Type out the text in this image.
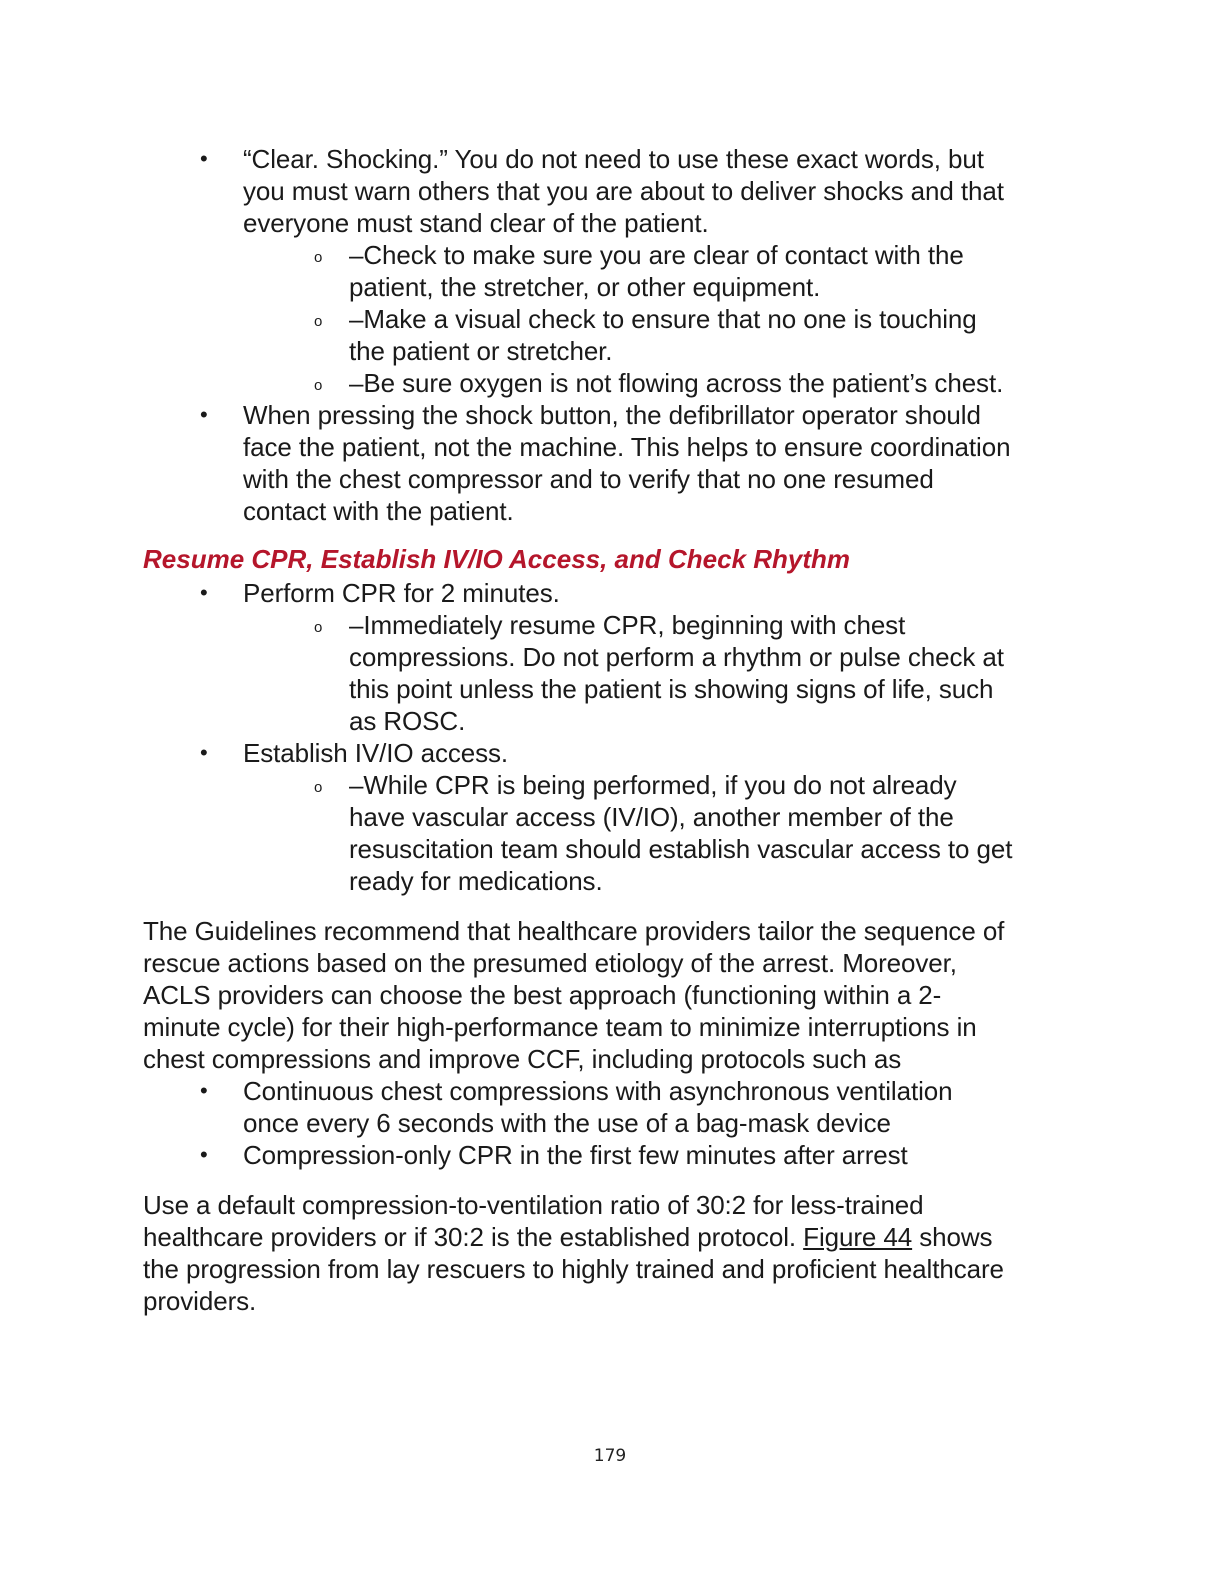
• “Clear. Shocking.” You do not need to use these exact words, but
you must warn others that you are about to deliver shocks and that
everyone must stand clear of the patient.
o –Check to make sure you are clear of contact with the
patient, the stretcher, or other equipment.
o –Make a visual check to ensure that no one is touching
the patient or stretcher.
o –Be sure oxygen is not flowing across the patient’s chest.
• When pressing the shock button, the defibrillator operator should
face the patient, not the machine. This helps to ensure coordination
with the chest compressor and to verify that no one resumed
contact with the patient.
Resume CPR, Establish IV/IO Access, and Check Rhythm
• Perform CPR for 2 minutes.
o –Immediately resume CPR, beginning with chest
compressions. Do not perform a rhythm or pulse check at
this point unless the patient is showing signs of life, such
as ROSC.
• Establish IV/IO access.
o –While CPR is being performed, if you do not already
have vascular access (IV/IO), another member of the
resuscitation team should establish vascular access to get
ready for medications.
The Guidelines recommend that healthcare providers tailor the sequence of
rescue actions based on the presumed etiology of the arrest. Moreover,
ACLS providers can choose the best approach (functioning within a 2-
minute cycle) for their high-performance team to minimize interruptions in
chest compressions and improve CCF, including protocols such as
• Continuous chest compressions with asynchronous ventilation
once every 6 seconds with the use of a bag-mask device
• Compression-only CPR in the first few minutes after arrest
Use a default compression-to-ventilation ratio of 30:2 for less-trained
healthcare providers or if 30:2 is the established protocol. Figure 44 shows
the progression from lay rescuers to highly trained and proficient healthcare
providers.
179
